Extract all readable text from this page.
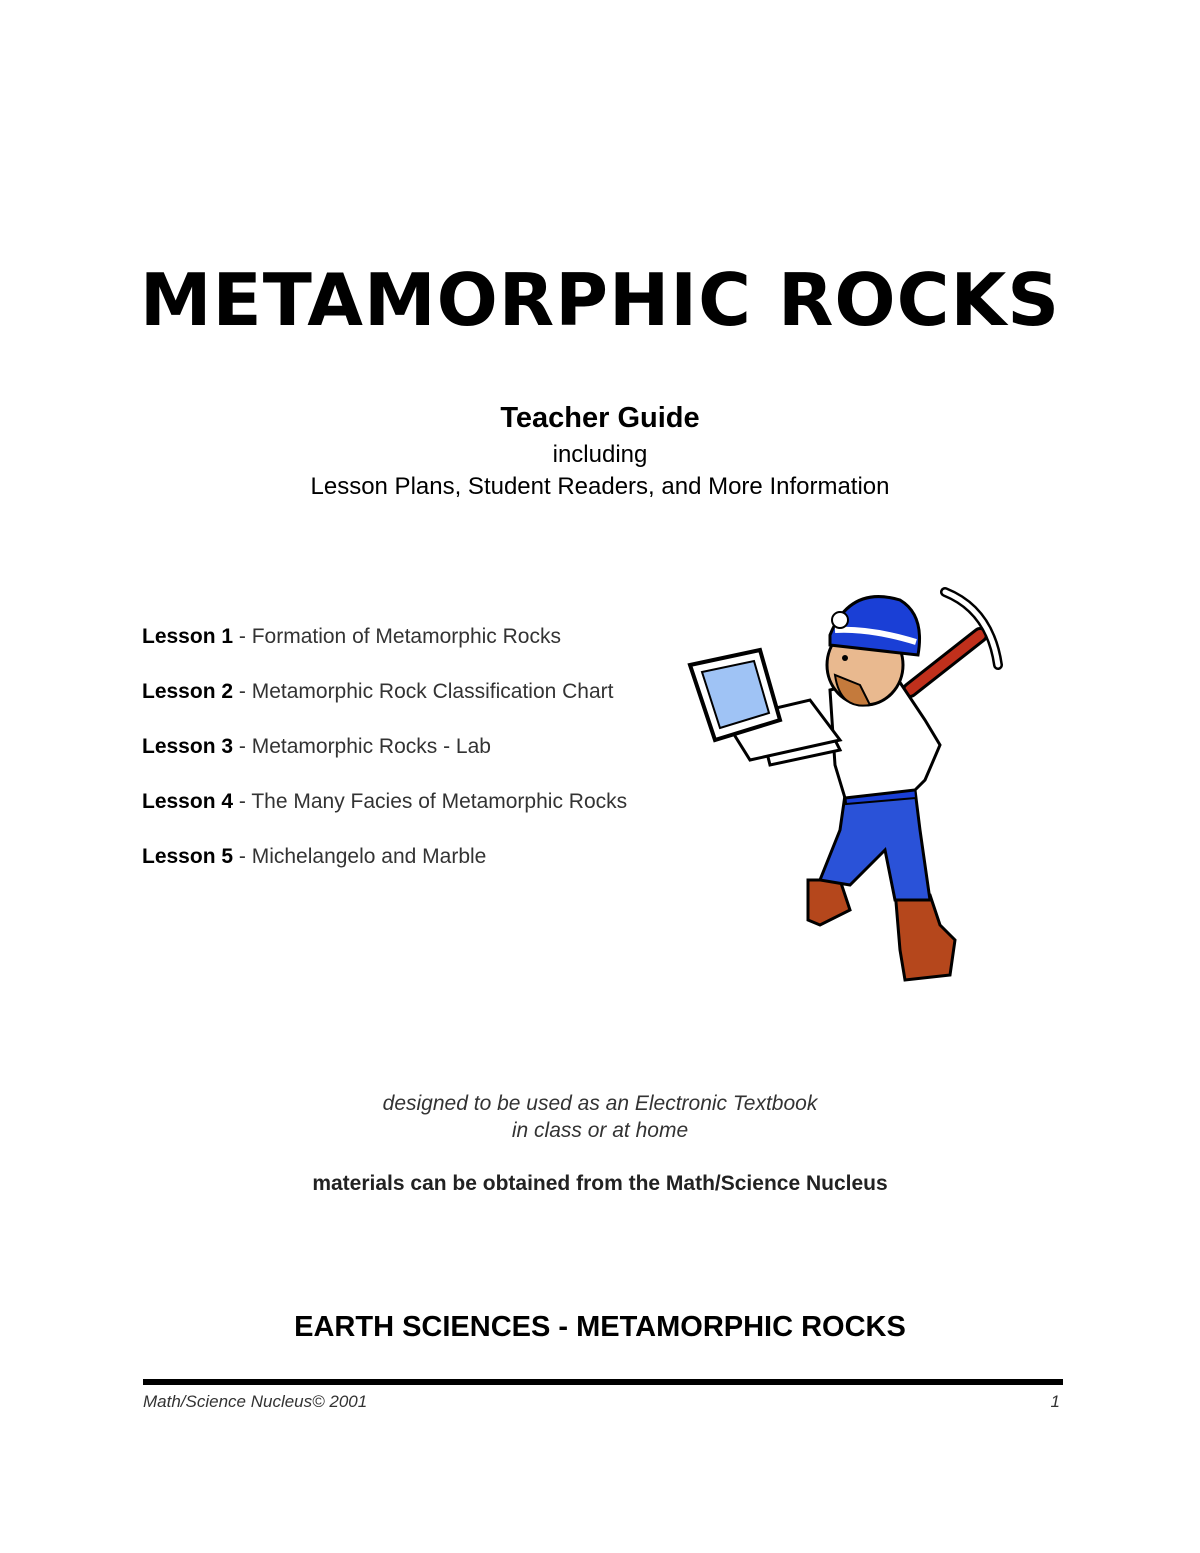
METAMORPHIC ROCKS
Teacher Guide
including
Lesson Plans, Student Readers, and More Information
Lesson 1 - Formation of Metamorphic Rocks
Lesson 2 - Metamorphic Rock Classification Chart
Lesson 3 - Metamorphic Rocks - Lab
Lesson 4 - The Many Facies of Metamorphic Rocks
Lesson 5 - Michelangelo and Marble
designed to be used as an Electronic Textbook
in class or at home
materials can be obtained from the Math/Science Nucleus
EARTH SCIENCES - METAMORPHIC ROCKS
Math/Science Nucleus© 2001	1
